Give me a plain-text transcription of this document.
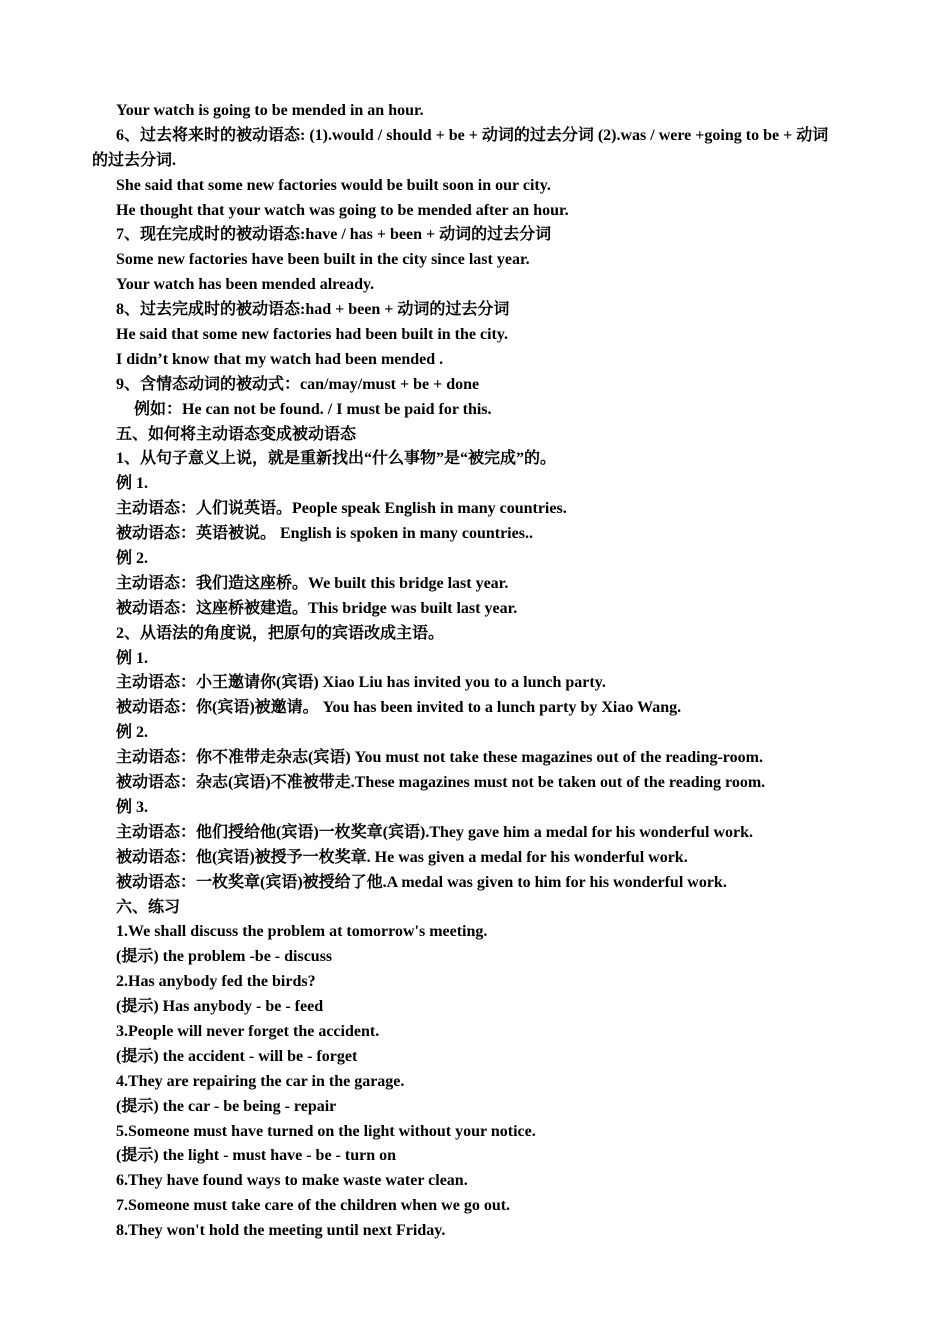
Your watch is going to be mended in an hour.
6、过去将来时的被动语态: (1).would / should + be + 动词的过去分词 (2).was / were +going to be + 动词
的过去分词.
She said that some new factories would be built soon in our city.
He thought that your watch was going to be mended after an hour.
7、现在完成时的被动语态:have / has + been + 动词的过去分词
Some new factories have been built in the city since last year.
Your watch has been mended already.
8、过去完成时的被动语态:had + been + 动词的过去分词
He said that some new factories had been built in the city.
I didn’t know that my watch had been mended .
9、含情态动词的被动式：can/may/must + be + done
例如：He can not be found. / I must be paid for this.
五、如何将主动语态变成被动语态
1、从句子意义上说，就是重新找出“什么事物”是“被完成”的。
例 1.
主动语态：人们说英语。People speak English in many countries.
被动语态：英语被说。 English is spoken in many countries..
例 2.
主动语态：我们造这座桥。We built this bridge last year.
被动语态：这座桥被建造。This bridge was built last year.
2、从语法的角度说，把原句的宾语改成主语。
例 1.
主动语态：小王邀请你(宾语) Xiao Liu has invited you to a lunch party.
被动语态：你(宾语)被邀请。 You has been invited to a lunch party by Xiao Wang.
例 2.
主动语态：你不准带走杂志(宾语) You must not take these magazines out of the reading-room.
被动语态：杂志(宾语)不准被带走.These magazines must not be taken out of the reading room.
例 3.
主动语态：他们授给他(宾语)一枚奖章(宾语).They gave him a medal for his wonderful work.
被动语态：他(宾语)被授予一枚奖章. He was given a medal for his wonderful work.
被动语态：一枚奖章(宾语)被授给了他.A medal was given to him for his wonderful work.
六、练习
1.We shall discuss the problem at tomorrow's meeting.
(提示) the problem -be - discuss
2.Has anybody fed the birds?
(提示) Has anybody - be - feed
3.People will never forget the accident.
(提示) the accident - will be - forget
4.They are repairing the car in the garage.
(提示) the car - be being - repair
5.Someone must have turned on the light without your notice.
(提示) the light - must have - be - turn on
6.They have found ways to make waste water clean.
7.Someone must take care of the children when we go out.
8.They won't hold the meeting until next Friday.
